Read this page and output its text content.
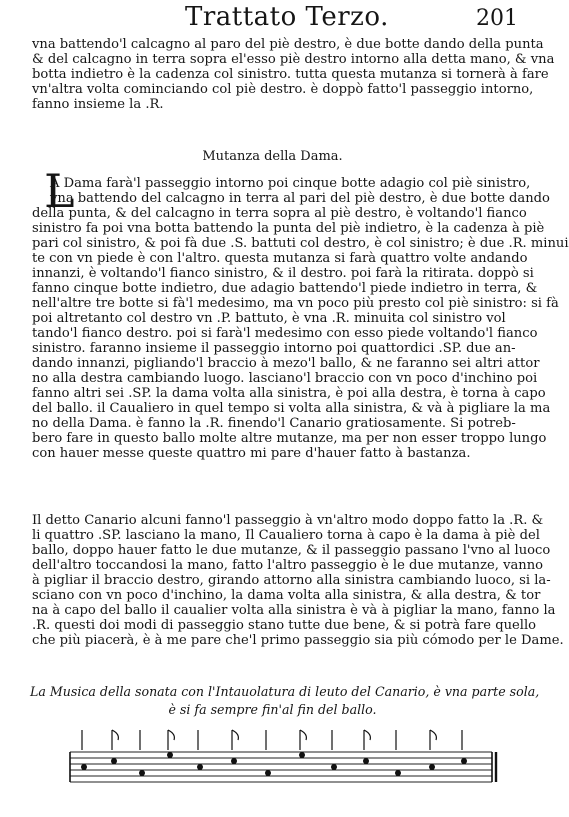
Trattato Terzo.	201
vna battendo'l calcagno al paro del piè destro, è due botte dando della punta
& del calcagno in terra sopra el'esso piè destro intorno alla detta mano, & vna
botta indietro è la cadenza col sinistro. tutta questa mutanza si tornerà à fare
vn'altra volta cominciando col piè destro. è doppò fatto'l passeggio intorno,
fanno insieme la .R.
Mutanza della Dama.
L
A Dama farà'l passeggio intorno poi cinque botte adagio col piè sinistro,
vna battendo del calcagno in terra al pari del piè destro, è due botte dando
della punta, & del calcagno in terra sopra al piè destro, è voltando'l fianco
sinistro fa poi vna botta battendo la punta del piè indietro, è la cadenza à piè
pari col sinistro, & poi fà due .S. battuti col destro, è col sinistro; è due .R. minui
te con vn piede è con l'altro. questa mutanza si farà quattro volte andando
innanzi, è voltando'l fianco sinistro, & il destro. poi farà la ritirata. doppò si
fanno cinque botte indietro, due adagio battendo'l piede indietro in terra, &
nell'altre tre botte si fà'l medesimo, ma vn poco più presto col piè sinistro: si fà
poi altretanto col destro vn .P. battuto, è vna .R. minuita col sinistro vol
tando'l fianco destro. poi si farà'l medesimo con esso piede voltando'l fianco
sinistro. faranno insieme il passeggio intorno poi quattordici .SP. due an-
dando innanzi, pigliando'l braccio à mezo'l ballo, & ne faranno sei altri attor
no alla destra cambiando luogo. lasciano'l braccio con vn poco d'inchino poi
fanno altri sei .SP. la dama volta alla sinistra, è poi alla destra, è torna à capo
del ballo. il Caualiero in quel tempo si volta alla sinistra, & và à pigliare la ma
no della Dama. è fanno la .R. finendo'l Canario gratiosamente. Si potreb-
bero fare in questo ballo molte altre mutanze, ma per non esser troppo lungo
con hauer messe queste quattro mi pare d'hauer fatto à bastanza.
Il detto Canario alcuni fanno'l passeggio à vn'altro modo doppo fatto la .R. &
li quattro .SP. lasciano la mano, Il Caualiero torna à capo è la dama à piè del
ballo, doppo hauer fatto le due mutanze, & il passeggio passano l'vno al luoco
dell'altro toccandosi la mano, fatto l'altro passeggio è le due mutanze, vanno
à pigliar il braccio destro, girando attorno alla sinistra cambiando luoco, si la-
sciano con vn poco d'inchino, la dama volta alla sinistra, & alla destra, & tor
na à capo del ballo il caualier volta alla sinistra è và à pigliar la mano, fanno la
.R. questi doi modi di passeggio stano tutte due bene, & si potrà fare quello
che più piacerà, è à me pare che'l primo passeggio sia più cómodo per le Dame.
La Musica della sonata con l'Intauolatura di leuto del Canario, è vna parte sola,
è si fa sempre fin'al fin del ballo.
